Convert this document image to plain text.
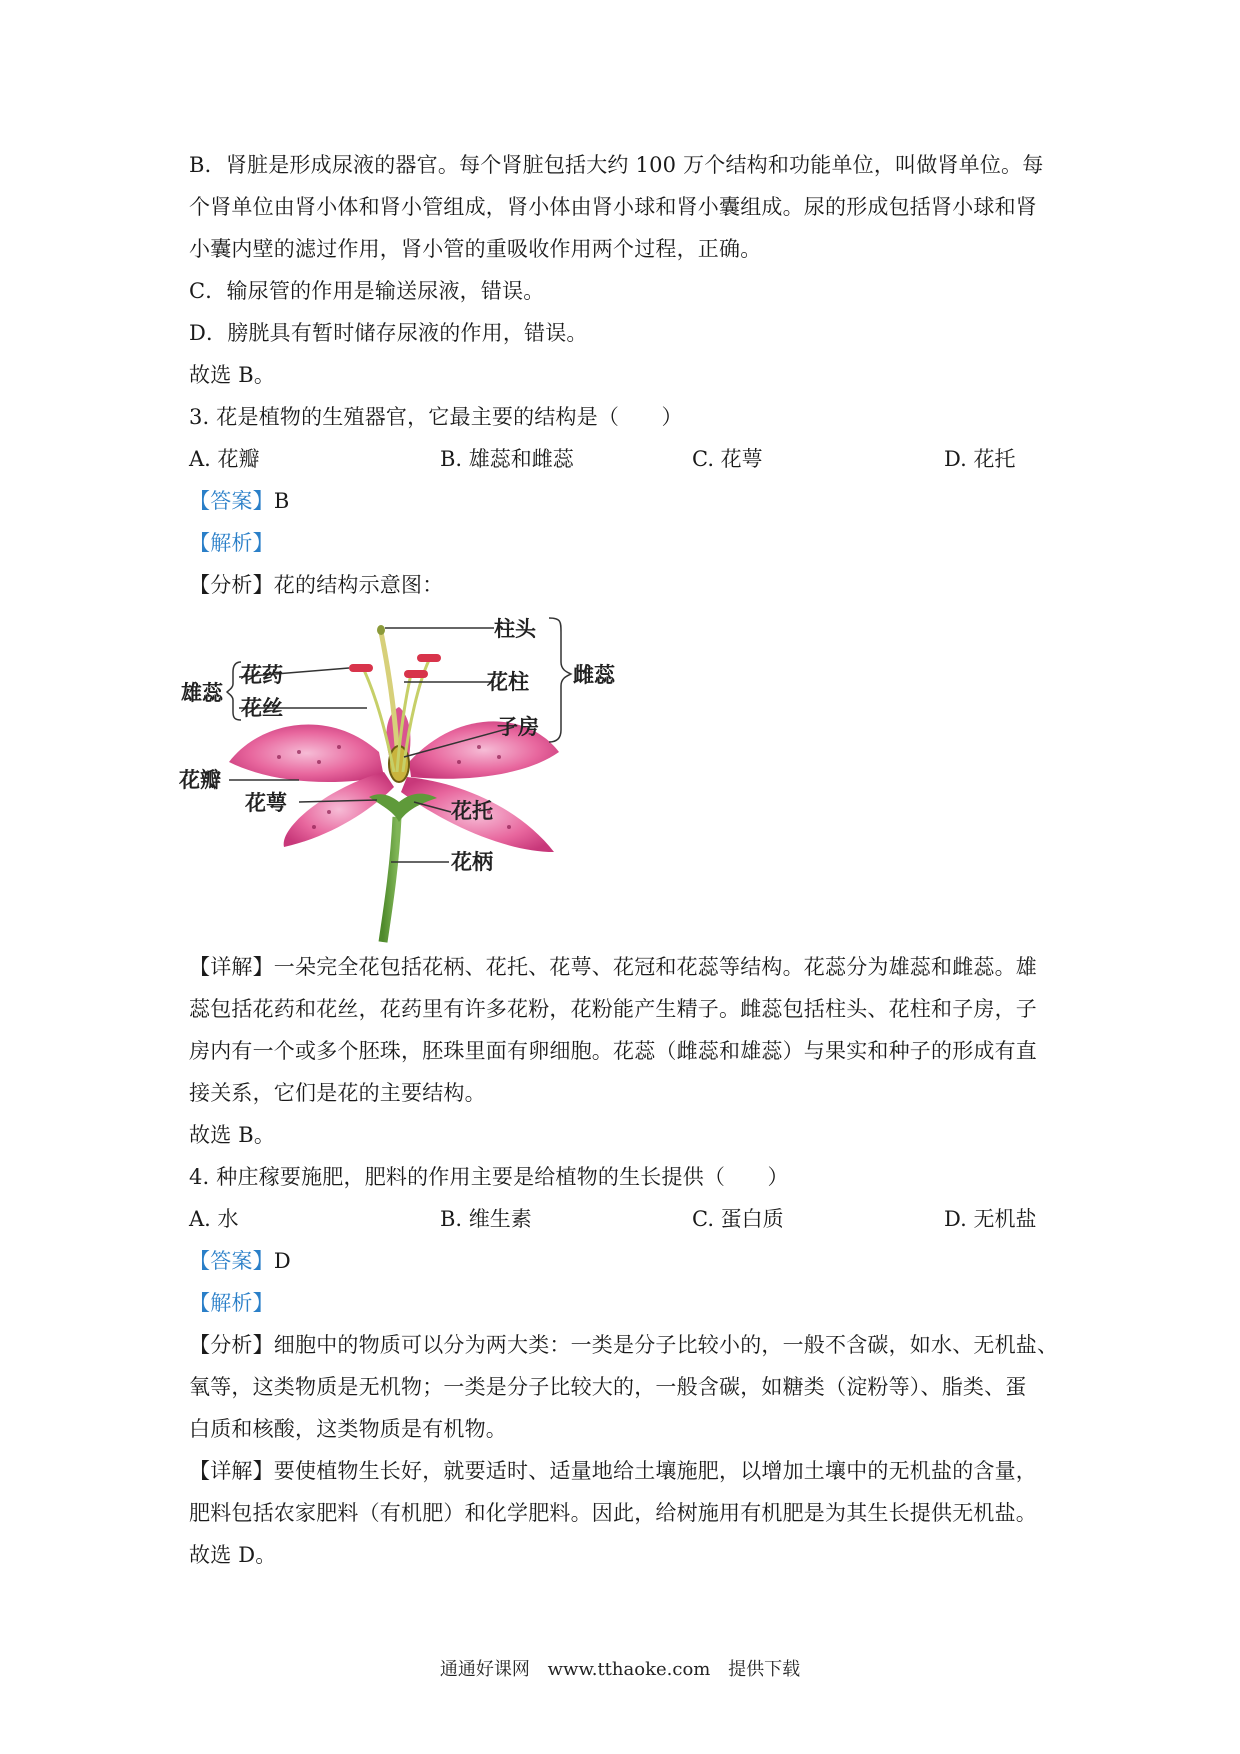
B．肾脏是形成尿液的器官。每个肾脏包括大约 100 万个结构和功能单位，叫做肾单位。每
个肾单位由肾小体和肾小管组成，肾小体由肾小球和肾小囊组成。尿的形成包括肾小球和肾
小囊内壁的滤过作用，肾小管的重吸收作用两个过程，正确。
C．输尿管的作用是输送尿液，错误。
D．膀胱具有暂时储存尿液的作用，错误。
故选 B。
3. 花是植物的生殖器官，它最主要的结构是（　　）
A. 花瓣	B. 雄蕊和雌蕊	C. 花萼	D. 花托
【答案】B
【解析】
【分析】花的结构示意图：
柱头
花柱
子房
雌蕊
花药
花丝
雄蕊
花瓣
花萼	花托
花柄
【详解】一朵完全花包括花柄、花托、花萼、花冠和花蕊等结构。花蕊分为雄蕊和雌蕊。雄
蕊包括花药和花丝，花药里有许多花粉，花粉能产生精子。雌蕊包括柱头、花柱和子房，子
房内有一个或多个胚珠，胚珠里面有卵细胞。花蕊（雌蕊和雄蕊）与果实和种子的形成有直
接关系，它们是花的主要结构。
故选 B。
4. 种庄稼要施肥，肥料的作用主要是给植物的生长提供（　　）
A. 水	B. 维生素	C. 蛋白质	D. 无机盐
【答案】D
【解析】
【分析】细胞中的物质可以分为两大类：一类是分子比较小的，一般不含碳，如水、无机盐、
氧等，这类物质是无机物；一类是分子比较大的，一般含碳，如糖类（淀粉等）、脂类、蛋
白质和核酸，这类物质是有机物。
【详解】要使植物生长好，就要适时、适量地给土壤施肥，以增加土壤中的无机盐的含量，
肥料包括农家肥料（有机肥）和化学肥料。因此，给树施用有机肥是为其生长提供无机盐。
故选 D。
通通好课网 www.tthaoke.com 提供下载
